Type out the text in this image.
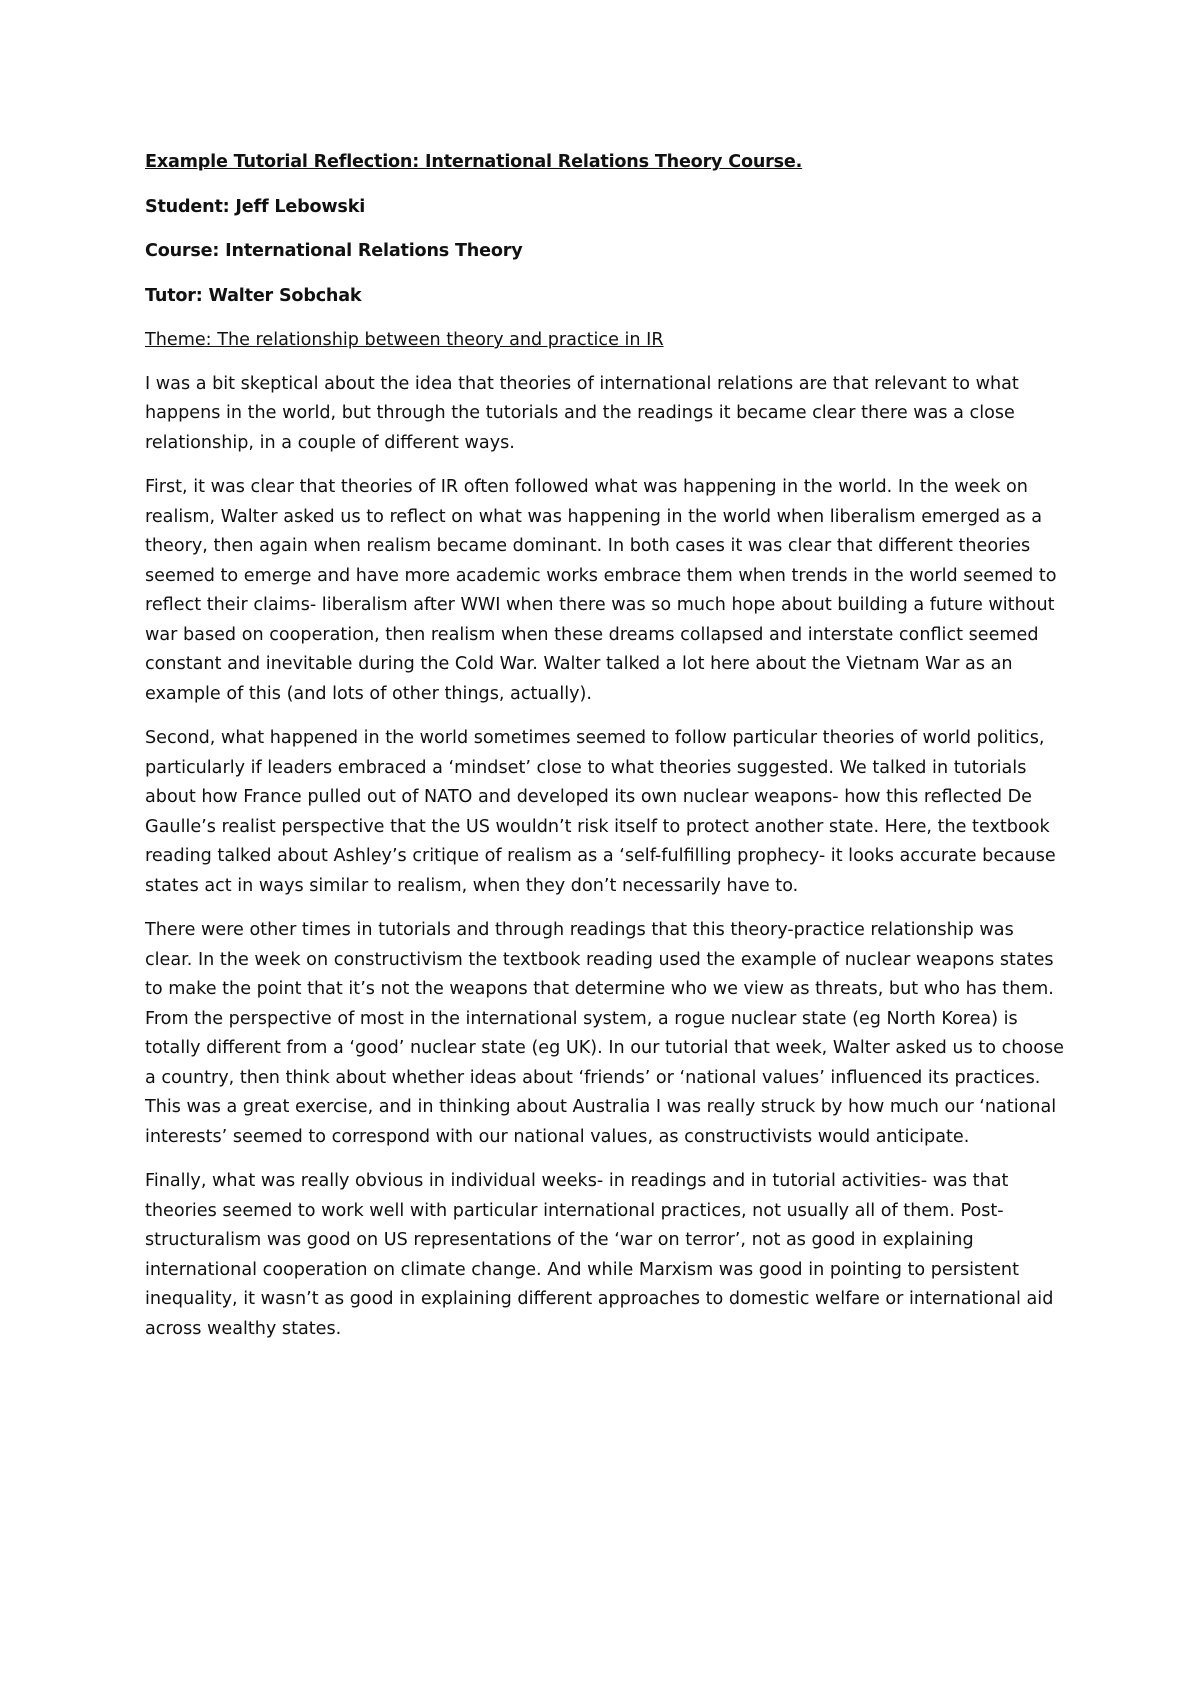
Example Tutorial Reflection: International Relations Theory Course.

Student: Jeff Lebowski

Course: International Relations Theory

Tutor: Walter Sobchak

Theme: The relationship between theory and practice in IR

I was a bit skeptical about the idea that theories of international relations are that relevant to what happens in the world, but through the tutorials and the readings it became clear there was a close relationship, in a couple of different ways.

First, it was clear that theories of IR often followed what was happening in the world. In the week on realism, Walter asked us to reflect on what was happening in the world when liberalism emerged as a theory, then again when realism became dominant. In both cases it was clear that different theories seemed to emerge and have more academic works embrace them when trends in the world seemed to reflect their claims- liberalism after WWI when there was so much hope about building a future without war based on cooperation, then realism when these dreams collapsed and interstate conflict seemed constant and inevitable during the Cold War. Walter talked a lot here about the Vietnam War as an example of this (and lots of other things, actually).

Second, what happened in the world sometimes seemed to follow particular theories of world politics, particularly if leaders embraced a ‘mindset’ close to what theories suggested. We talked in tutorials about how France pulled out of NATO and developed its own nuclear weapons- how this reflected De Gaulle’s realist perspective that the US wouldn’t risk itself to protect another state. Here, the textbook reading talked about Ashley’s critique of realism as a ‘self-fulfilling prophecy- it looks accurate because states act in ways similar to realism, when they don’t necessarily have to.

There were other times in tutorials and through readings that this theory-practice relationship was clear. In the week on constructivism the textbook reading used the example of nuclear weapons states to make the point that it’s not the weapons that determine who we view as threats, but who has them. From the perspective of most in the international system, a rogue nuclear state (eg North Korea) is totally different from a ‘good’ nuclear state (eg UK). In our tutorial that week, Walter asked us to choose a country, then think about whether ideas about ‘friends’ or ‘national values’ influenced its practices. This was a great exercise, and in thinking about Australia I was really struck by how much our ‘national interests’ seemed to correspond with our national values, as constructivists would anticipate.

Finally, what was really obvious in individual weeks- in readings and in tutorial activities- was that theories seemed to work well with particular international practices, not usually all of them. Post-structuralism was good on US representations of the ‘war on terror’, not as good in explaining international cooperation on climate change. And while Marxism was good in pointing to persistent inequality, it wasn’t as good in explaining different approaches to domestic welfare or international aid across wealthy states.
